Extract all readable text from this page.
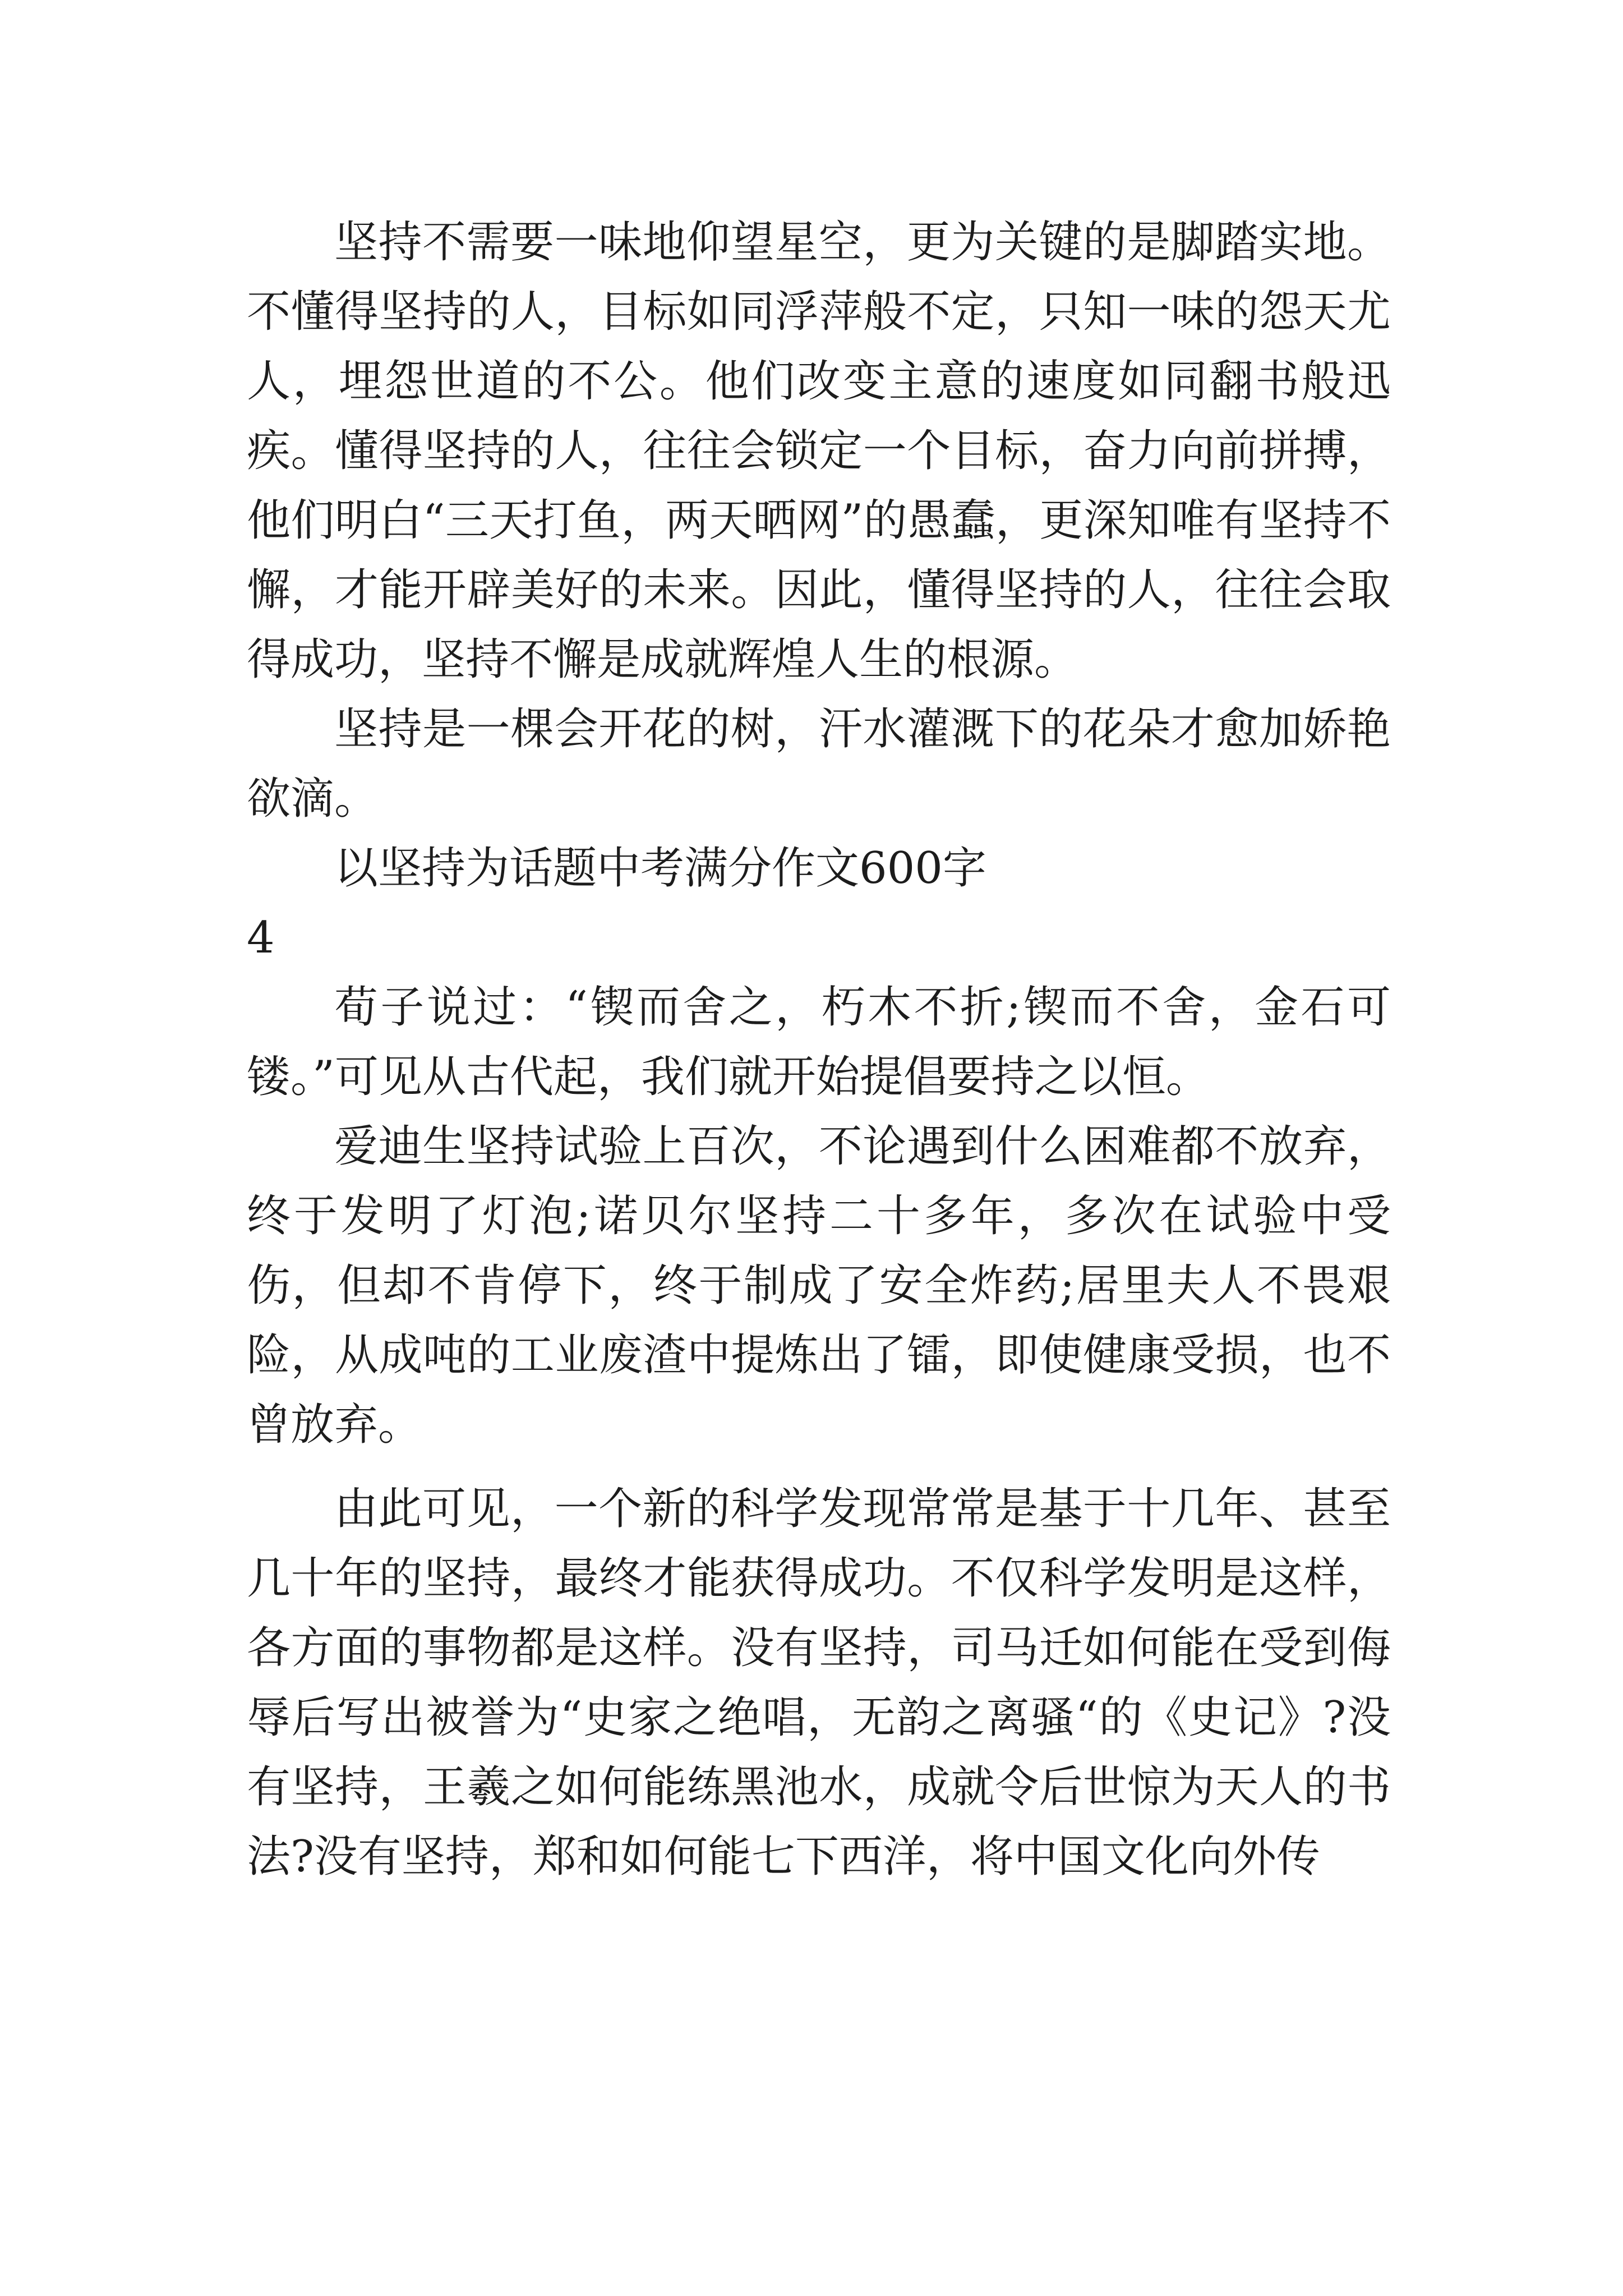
坚持不需要一味地仰望星空，更为关键的是脚踏实地。不懂得坚持的人，目标如同浮萍般不定，只知一味的怨天尤人，埋怨世道的不公。他们改变主意的速度如同翻书般迅疾。懂得坚持的人，往往会锁定一个目标，奋力向前拼搏，他们明白“三天打鱼，两天晒网”的愚蠢，更深知唯有坚持不懈，才能开辟美好的未来。因此，懂得坚持的人，往往会取得成功，坚持不懈是成就辉煌人生的根源。

坚持是一棵会开花的树，汗水灌溉下的花朵才愈加娇艳欲滴。

以坚持为话题中考满分作文600字

4

荀子说过：“锲而舍之，朽木不折;锲而不舍，金石可镂。”可见从古代起，我们就开始提倡要持之以恒。

爱迪生坚持试验上百次，不论遇到什么困难都不放弃，终于发明了灯泡;诺贝尔坚持二十多年，多次在试验中受伤，但却不肯停下，终于制成了安全炸药;居里夫人不畏艰险，从成吨的工业废渣中提炼出了镭，即使健康受损，也不曾放弃。

由此可见，一个新的科学发现常常是基于十几年、甚至几十年的坚持，最终才能获得成功。不仅科学发明是这样，各方面的事物都是这样。没有坚持，司马迁如何能在受到侮辱后写出被誉为“史家之绝唱，无韵之离骚“的《史记》?没有坚持，王羲之如何能练黑池水，成就令后世惊为天人的书法?没有坚持，郑和如何能七下西洋，将中国文化向外传
